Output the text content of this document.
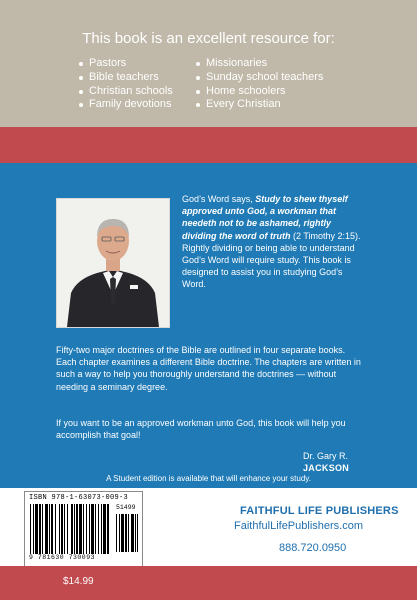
This book is an excellent resource for:
Pastors
Bible teachers
Christian schools
Family devotions
Missionaries
Sunday school teachers
Home schoolers
Every Christian

God’s Word says, Study to shew thyself approved unto God, a workman that needeth not to be ashamed, rightly dividing the word of truth (2 Timothy 2:15). Rightly dividing or being able to understand God’s Word will require study. This book is designed to assist you in studying God’s Word.

Fifty-two major doctrines of the Bible are outlined in four separate books. Each chapter examines a different Bible doctrine. The chapters are written in such a way to help you thoroughly understand the doctrines — without needing a seminary degree.

If you want to be an approved workman unto God, this book will help you accomplish that goal!

Dr. Gary R.
JACKSON

A Student edition is available that will enhance your study.

ISBN 978-1-63073-009-3
51499
9 781630 730093

FAITHFUL LIFE PUBLISHERS

FaithfulLifePublishers.com

888.720.0950

$14.99
